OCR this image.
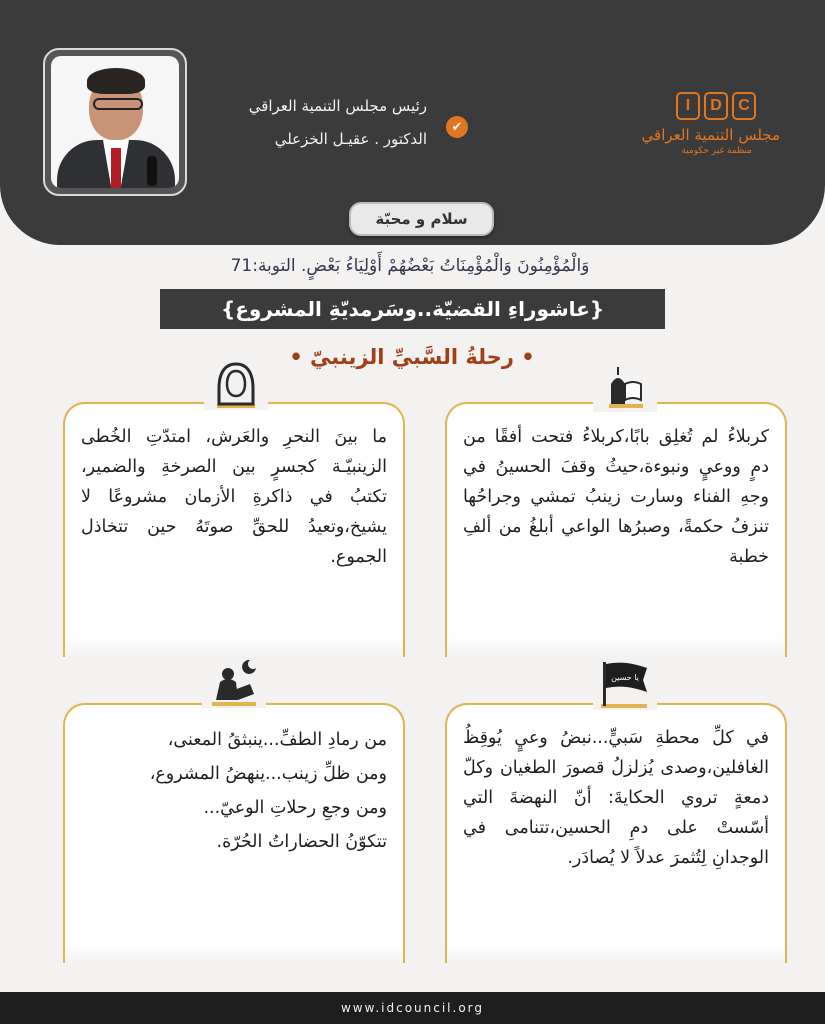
رئيس مجلس التنمية العراقي
الدكتور . عقيـل الخزعلي
✔
I	D	C
مجلس التنمية العراقي
منظمة غير حكومية
سلام و محبّة
وَالْمُؤْمِنُونَ وَالْمُؤْمِنَاتُ بَعْضُهُمْ أَوْلِيَاءُ بَعْضٍ. التوبة:71
{عاشوراءِ القضيّة..وسَرمديّةِ المشروع}
• رحلةُ السَّبيِّ الزينبيّ •

كربلاءُ لم تُغلِق بابًا،كربلاءُ فتحت أفقًا من دمٍ ووعيٍ ونبوءة،حيثُ وقفَ الحسينُ في وجهِ الفناء وسارت زينبُ تمشي وجراحُها تنزفُ حكمةً، وصبرُها الواعي أبلغُ من ألفِ خطبة

ما بينَ النحرِ والعَرش، امتدّتِ الخُطى الزينبيّـة كجسرٍ بين الصرخةِ والضمير، تكتبُ في ذاكرةِ الأزمان مشروعًا لا يشيخ،وتعيدُ للحقِّ صوتَهُ حين تتخاذل الجموع.

في كلِّ محطةِ سَبيٍّ...نبضُ وعيٍ يُوقِظُ الغافلين،وصدى يُزلزلُ قصورَ الطغيان وكلّ دمعةٍ تروي الحكايةَ: أنّ النهضةَ التي أسّستْ على دمِ الحسين،تتنامى في الوجدانِ لِتُثمرَ عدلاً لا يُصادَر.

يا حسين

من رمادِ الطفِّ...ينبثقُ المعنى،

ومن ظلِّ زينب...ينهضُ المشروع،

ومن وجعِ رحلاتِ الوعيّ...

تتكوّنُ الحضاراتُ الحُرّة.

www.idcouncil.org
